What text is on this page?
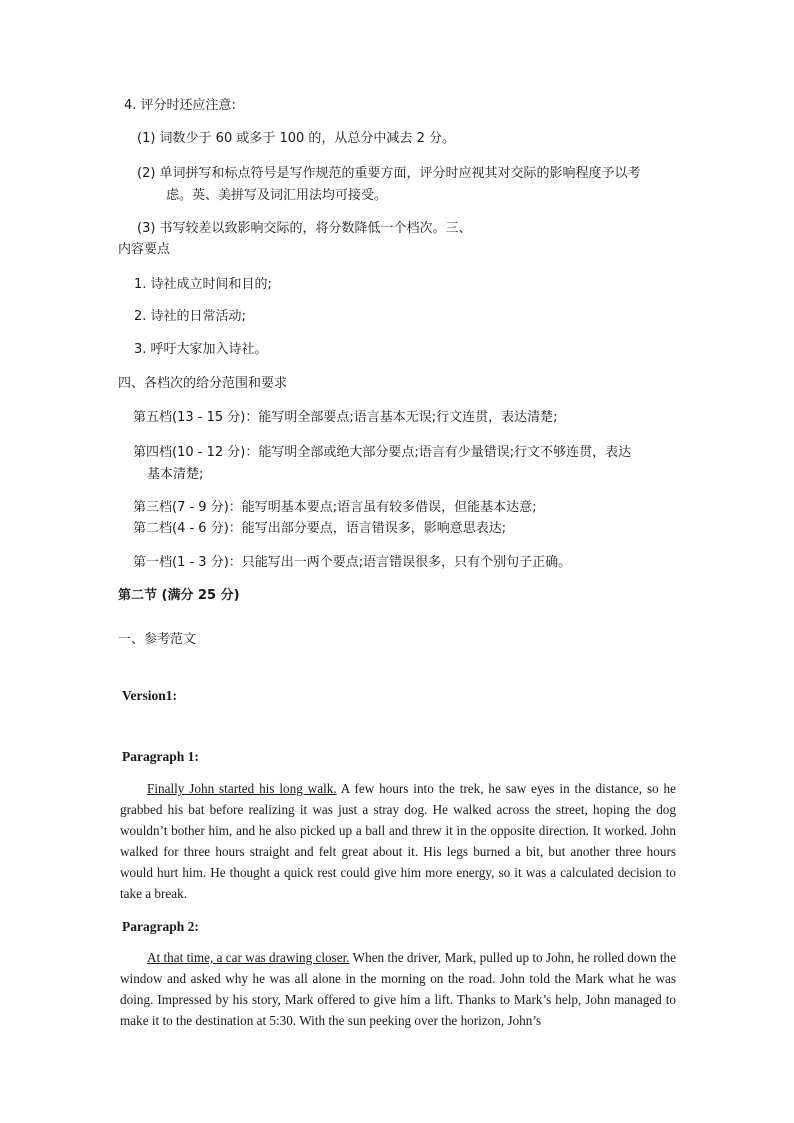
4. 评分时还应注意:
(1) 词数少于 60 或多于 100 的，从总分中减去 2 分。
(2) 单词拼写和标点符号是写作规范的重要方面，评分时应视其对交际的影响程度予以考
虑。英、美拼写及词汇用法均可接受。
(3) 书写较差以致影响交际的，将分数降低一个档次。三、
内容要点
1. 诗社成立时间和目的;
2. 诗社的日常活动;
3. 呼吁大家加入诗社。
四、各档次的给分范围和要求
第五档(13 - 15 分)：能写明全部要点;语言基本无误;行文连贯，表达清楚;
第四档(10 - 12 分)：能写明全部或绝大部分要点;语言有少量错误;行文不够连贯，表达
基本清楚;
第三档(7 - 9 分)：能写明基本要点;语言虽有较多借误，但能基本达意;
第二档(4 - 6 分)：能写出部分要点，语言错误多，影响意思表达;
第一档(1 - 3 分)：只能写出一两个要点;语言错误很多，只有个别句子正确。
第二节 (满分 25 分)
一、参考范文
Version1:
Paragraph 1:
Finally John started his long walk. A few hours into the trek, he saw eyes in the distance, so he grabbed his bat before realizing it was just a stray dog. He walked across the street, hoping the dog wouldn’t bother him, and he also picked up a ball and threw it in the opposite direction. It worked. John walked for three hours straight and felt great about it. His legs burned a bit, but another three hours would hurt him. He thought a quick rest could give him more energy, so it was a calculated decision to take a break.
Paragraph 2:
At that time, a car was drawing closer. When the driver, Mark, pulled up to John, he rolled down the window and asked why he was all alone in the morning on the road. John told the Mark what he was doing. Impressed by his story, Mark offered to give him a lift. Thanks to Mark’s help, John managed to make it to the destination at 5:30. With the sun peeking over the horizon, John’s
